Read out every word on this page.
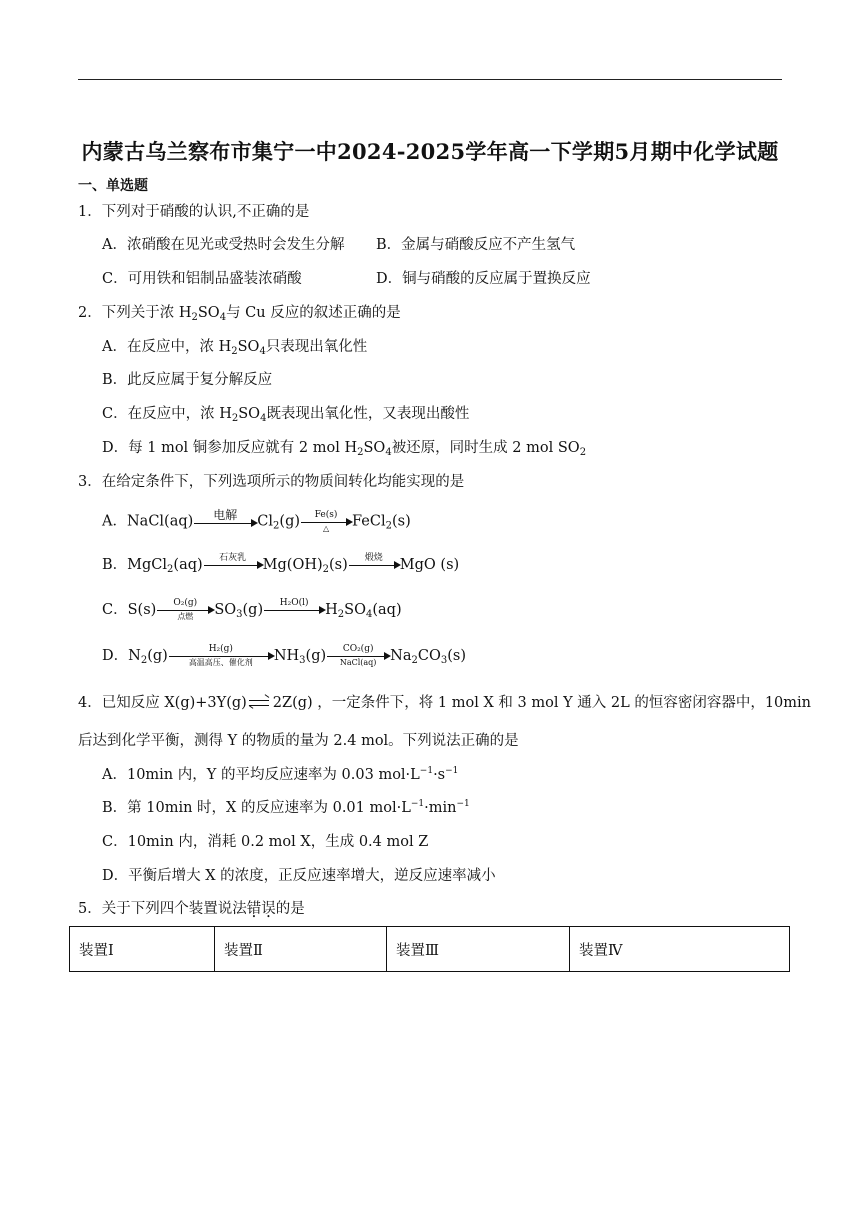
内蒙古乌兰察布市集宁一中2024-2025学年高一下学期5月期中化学试题
一、单选题
1．下列对于硝酸的认识,不正确的是
A．浓硝酸在见光或受热时会发生分解 B．金属与硝酸反应不产生氢气
C．可用铁和铝制品盛装浓硝酸	D．铜与硝酸的反应属于置换反应
2．下列关于浓 $H_2SO_4$与 Cu 反应的叙述正确的是
A．在反应中，浓 $H_2SO_4$只表现出氧化性
B．此反应属于复分解反应
C．在反应中，浓 $H_2SO_4$既表现出氧化性，又表现出酸性
D．每 1 mol 铜参加反应就有 2 mol $H_2SO_4$被还原，同时生成 2 mol $SO_2$
3．在给定条件下，下列选项所示的物质间转化均能实现的是
A．NaCl(aq)	电解	$Cl_2(g)$	Fe(s)
△	FeCl$_2$(s)
B．MgCl$_2$(aq)	石灰乳	$Mg(OH)_2(s)$	煅烧	MgO (s)
C．S(s)	O₂(g)
点燃	$SO_3(g)$	H₂O(l)	$H_2SO_4(aq)$
D．$N_2(g)$	H₂(g)
高温高压、催化剂	$NH_3(g)$	CO₂(g)
NaCl(aq) $Na_2CO_3(s)$
4．已知反应 X(g)+3Y(g) 2Z(g) ，一定条件下，将 1 mol X 和 3 mol Y 通入 2L 的恒容密闭容器中，10min
后达到化学平衡，测得 Y 的物质的量为 2.4 mol。下列说法正确的是
A．10min 内，Y 的平均反应速率为 0.03 $mol\cdot L^{-1}\cdot s^{-1}$
B．第 10min 时，X 的反应速率为 0.01 $mol\cdot L^{-1}\cdot\min^{-1}$
C．10min 内，消耗 0.2 mol X，生成 0.4 mol Z
D．平衡后增大 X 的浓度，正反应速率增大，逆反应速率减小
5．关于下列四个装置说法错误的是
装置Ⅰ	装置Ⅱ	装置Ⅲ	装置Ⅳ
